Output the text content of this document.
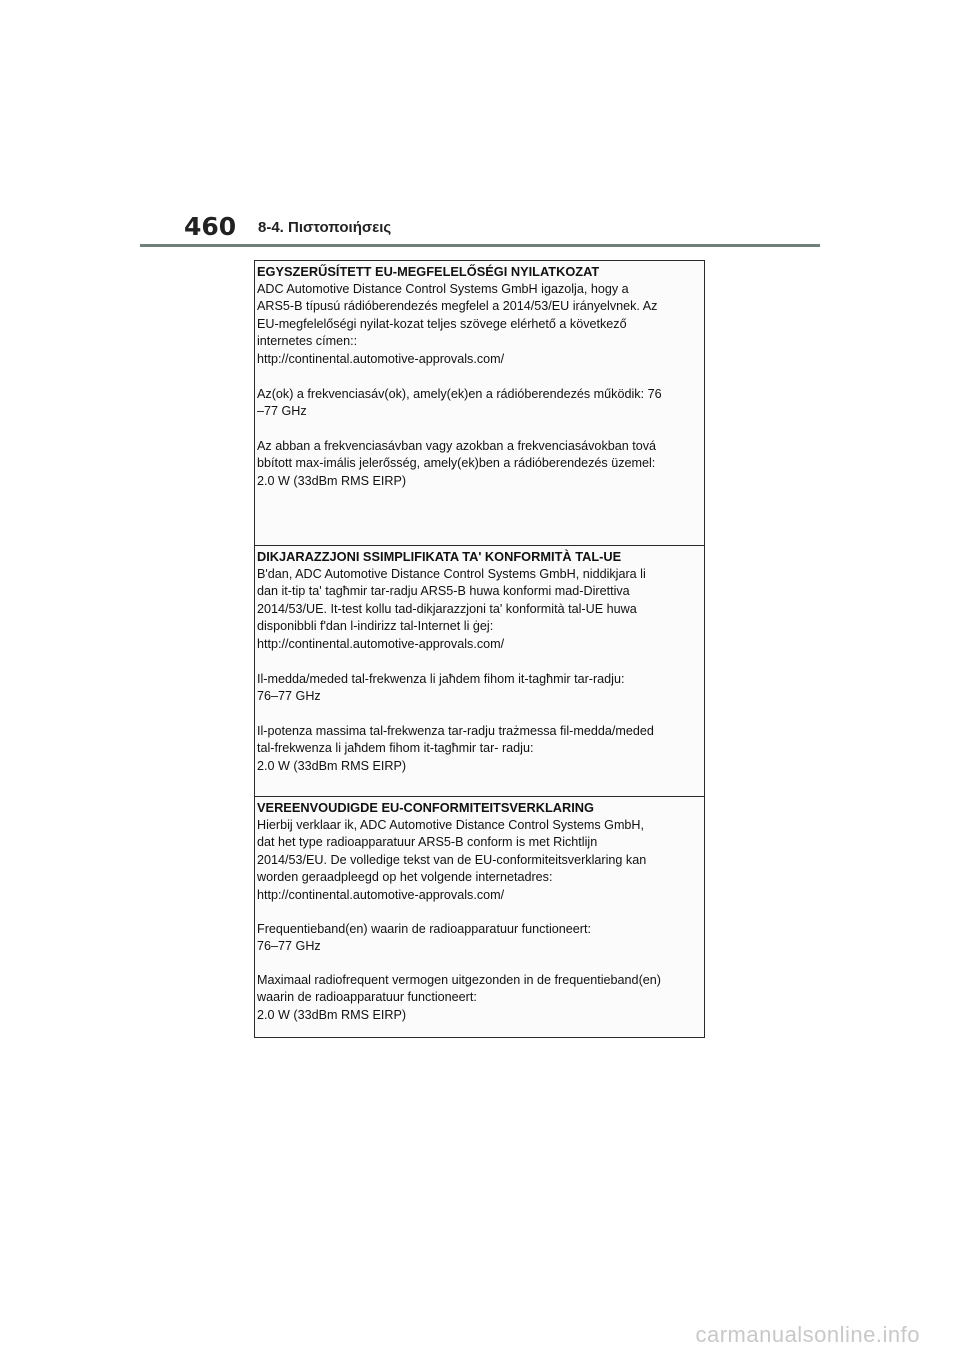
460 8-4. Πιστοποιήσεις

EGYSZERŰSÍTETT EU-MEGFELELŐSÉGI NYILATKOZAT

ADC Automotive Distance Control Systems GmbH igazolja, hogy a

ARS5-B típusú rádióberendezés megfelel a 2014/53/EU irányelvnek. Az

EU-megfelelőségi nyilat-kozat teljes szövege elérhető a következő

internetes címen::

http://continental.automotive-approvals.com/

Az(ok) a frekvenciasáv(ok), amely(ek)en a rádióberendezés működik: 76

–77 GHz

Az abban a frekvenciasávban vagy azokban a frekvenciasávokban tová

bbított max-imális jelerősség, amely(ek)ben a rádióberendezés üzemel:

2.0 W (33dBm RMS EIRP)

DIKJARAZZJONI SSIMPLIFIKATA TA' KONFORMITÀ TAL-UE

B'dan, ADC Automotive Distance Control Systems GmbH, niddikjara li

dan it-tip ta' tagħmir tar-radju ARS5-B huwa konformi mad-Direttiva

2014/53/UE. It-test kollu tad-dikjarazzjoni ta' konformità tal-UE huwa

disponibbli f'dan l-indirizz tal-Internet li ġej:

http://continental.automotive-approvals.com/

Il-medda/meded tal-frekwenza li jaħdem fihom it-tagħmir tar-radju:

76–77 GHz

Il-potenza massima tal-frekwenza tar-radju trażmessa fil-medda/meded

tal-frekwenza li jaħdem fihom it-tagħmir tar- radju:

2.0 W (33dBm RMS EIRP)

VEREENVOUDIGDE EU-CONFORMITEITSVERKLARING

Hierbij verklaar ik, ADC Automotive Distance Control Systems GmbH,

dat het type radioapparatuur ARS5-B conform is met Richtlijn

2014/53/EU. De volledige tekst van de EU-conformiteitsverklaring kan

worden geraadpleegd op het volgende internetadres:

http://continental.automotive-approvals.com/

Frequentieband(en) waarin de radioapparatuur functioneert:

76–77 GHz

Maximaal radiofrequent vermogen uitgezonden in de frequentieband(en)

waarin de radioapparatuur functioneert:

2.0 W (33dBm RMS EIRP)

carmanualsonline.info
